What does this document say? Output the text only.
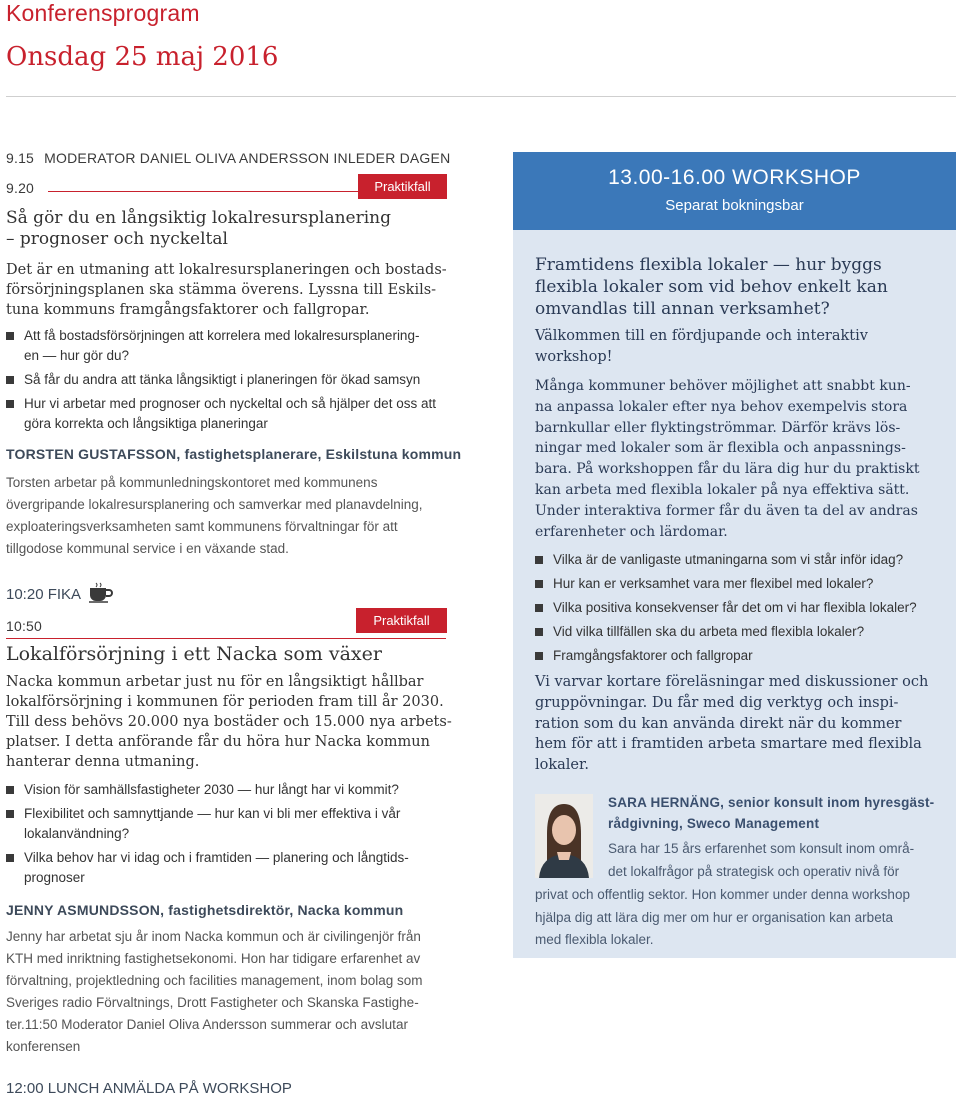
Konferensprogram
Onsdag 25 maj 2016
9.15 MODERATOR DANIEL OLIVA ANDERSSON INLEDER DAGEN
9.20	Praktikfall
Så gör du en långsiktig lokalresursplanering
– prognoser och nyckeltal
Det är en utmaning att lokalresursplaneringen och bostads-
försörjningsplanen ska stämma överens. Lyssna till Eskils-
tuna kommuns framgångsfaktorer och fallgropar.
Att få bostadsförsörjningen att korrelera med lokalresursplanering-
en — hur gör du?
Så får du andra att tänka långsiktigt i planeringen för ökad samsyn
Hur vi arbetar med prognoser och nyckeltal och så hjälper det oss att
göra korrekta och långsiktiga planeringar
TORSTEN GUSTAFSSON, fastighetsplanerare, Eskilstuna kommun
Torsten arbetar på kommunledningskontoret med kommunens
övergripande lokalresursplanering och samverkar med planavdelning,
exploateringsverksamheten samt kommunens förvaltningar för att
tillgodose kommunal service i en växande stad.
10:20 FIKA
Praktikfall
10:50
Lokalförsörjning i ett Nacka som växer
Nacka kommun arbetar just nu för en långsiktigt hållbar
lokalförsörjning i kommunen för perioden fram till år 2030.
Till dess behövs 20.000 nya bostäder och 15.000 nya arbets-
platser. I detta anförande får du höra hur Nacka kommun
hanterar denna utmaning.
Vision för samhällsfastigheter 2030 — hur långt har vi kommit?
Flexibilitet och samnyttjande — hur kan vi bli mer effektiva i vår
lokalanvändning?
Vilka behov har vi idag och i framtiden — planering och långtids-
prognoser
JENNY ASMUNDSSON, fastighetsdirektör, Nacka kommun
Jenny har arbetat sju år inom Nacka kommun och är civilingenjör från
KTH med inriktning fastighetsekonomi. Hon har tidigare erfarenhet av
förvaltning, projektledning och facilities management, inom bolag som
Sveriges radio Förvaltnings, Drott Fastigheter och Skanska Fastighe-
ter.11:50 Moderator Daniel Oliva Andersson summerar och avslutar
konferensen
12:00 LUNCH ANMÄLDA PÅ WORKSHOP
13.00-16.00 WORKSHOP
Separat bokningsbar
Framtidens flexibla lokaler — hur byggs
flexibla lokaler som vid behov enkelt kan
omvandlas till annan verksamhet?
Välkommen till en fördjupande och interaktiv
workshop!
Många kommuner behöver möjlighet att snabbt kun-
na anpassa lokaler efter nya behov exempelvis stora
barnkullar eller flyktingströmmar. Därför krävs lös-
ningar med lokaler som är flexibla och anpassnings-
bara. På workshoppen får du lära dig hur du praktiskt
kan arbeta med flexibla lokaler på nya effektiva sätt.
Under interaktiva former får du även ta del av andras
erfarenheter och lärdomar.
Vilka är de vanligaste utmaningarna som vi står inför idag?
Hur kan er verksamhet vara mer flexibel med lokaler?
Vilka positiva konsekvenser får det om vi har flexibla lokaler?
Vid vilka tillfällen ska du arbeta med flexibla lokaler?
Framgångsfaktorer och fallgropar
Vi varvar kortare föreläsningar med diskussioner och
gruppövningar. Du får med dig verktyg och inspi-
ration som du kan använda direkt när du kommer
hem för att i framtiden arbeta smartare med flexibla
lokaler.
SARA HERNÄNG, senior konsult inom hyresgäst-
rådgivning, Sweco Management
Sara har 15 års erfarenhet som konsult inom områ-
det lokalfrågor på strategisk och operativ nivå för
privat och offentlig sektor. Hon kommer under denna workshop
hjälpa dig att lära dig mer om hur er organisation kan arbeta
med flexibla lokaler.
